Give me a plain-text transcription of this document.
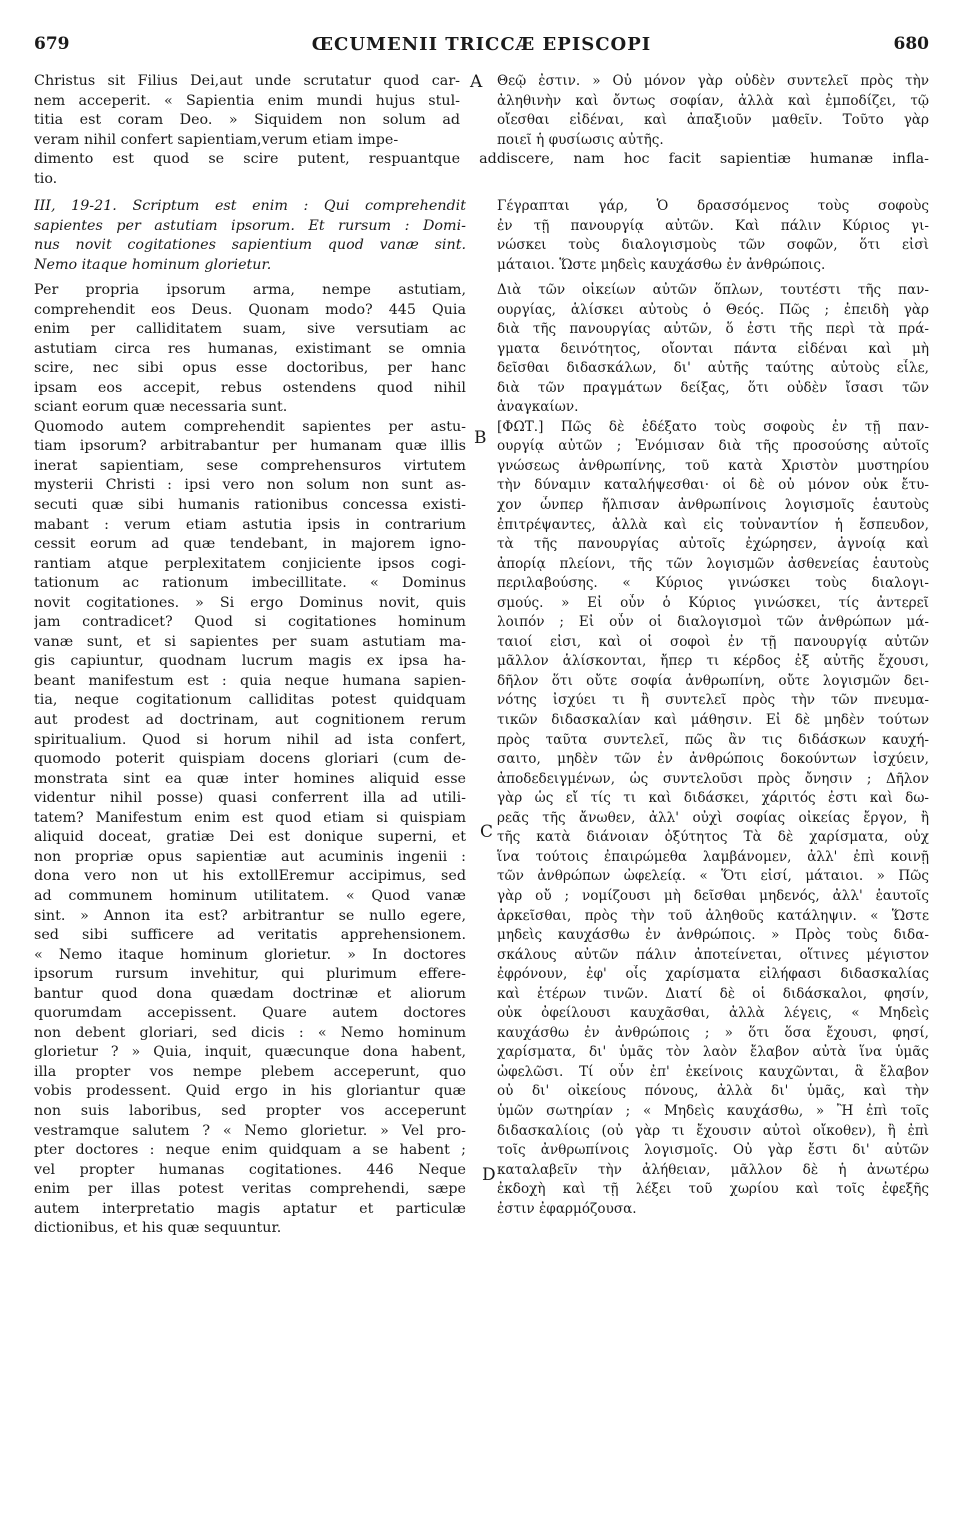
679	ŒCUMENII TRICCÆ EPISCOPI	680
A
B
C
D
Christus sit Filius Dei,aut unde scrutatur quod car-
nem acceperit. « Sapientia enim mundi hujus stul-
titia est coram Deo. » Siquidem non solum ad
veram nihil confert sapientiam,verum etiam impe-
Θεῷ ἐστιν. » Οὐ μόνον γὰρ οὐδὲν συντελεῖ πρὸς τὴν
ἀληθινὴν καὶ ὄντως σοφίαν, ἀλλὰ καὶ ἐμποδίζει, τῷ
οἴεσθαι εἰδέναι, καὶ ἀπαξιοῦν μαθεῖν. Τοῦτο γὰρ
ποιεῖ ἡ φυσίωσις αὐτῆς.
dimento est quod se scire putent, respuantque addiscere, nam hoc facit sapientiæ humanæ infla-
tio.
III, 19-21. Scriptum est enim : Qui comprehendit
sapientes per astutiam ipsorum. Et rursum : Domi-
nus novit cogitationes sapientium quod vanæ sint.
Nemo itaque hominum glorietur.
Per propria ipsorum arma, nempe astutiam,
comprehendit eos Deus. Quonam modo? 445 Quia
enim per calliditatem suam, sive versutiam ac
astutiam circa res humanas, existimant se omnia
scire, nec sibi opus esse doctoribus, per hanc
ipsam eos accepit, rebus ostendens quod nihil
sciant eorum quæ necessaria sunt.
Quomodo autem comprehendit sapientes per astu-
tiam ipsorum? arbitrabantur per humanam quæ illis
inerat sapientiam, sese comprehensuros virtutem
mysterii Christi : ipsi vero non solum non sunt as-
secuti quæ sibi humanis rationibus concessa existi-
mabant : verum etiam astutia ipsis in contrarium
cessit eorum ad quæ tendebant, in majorem igno-
rantiam atque perplexitatem conjiciente ipsos cogi-
tationum ac rationum imbecillitate. « Dominus
novit cogitationes. » Si ergo Dominus novit, quis
jam contradicet? Quod si cogitationes hominum
vanæ sunt, et si sapientes per suam astutiam ma-
gis capiuntur, quodnam lucrum magis ex ipsa ha-
beant manifestum est : quia neque humana sapien-
tia, neque cogitationum calliditas potest quidquam
aut prodest ad doctrinam, aut cognitionem rerum
spiritualium. Quod si horum nihil ad ista confert,
quomodo poterit quispiam docens gloriari (cum de-
monstrata sint ea quæ inter homines aliquid esse
videntur nihil posse) quasi conferrent illa ad utili-
tatem? Manifestum enim est quod etiam si quispiam
aliquid doceat, gratiæ Dei est donique superni, et
non propriæ opus sapientiæ aut acuminis ingenii :
dona vero non ut his extollEremur accipimus, sed
ad communem hominum utilitatem. « Quod vanæ
sint. » Annon ita est? arbitrantur se nullo egere,
sed sibi sufficere ad veritatis apprehensionem.
« Nemo itaque hominum glorietur. » In doctores
ipsorum rursum invehitur, qui plurimum efferе-
bantur quod dona quædam doctrinæ et aliorum
quorumdam accepissent. Quare autem doctores
non debent gloriari, sed dicis : « Nemo hominum
glorietur ? » Quia, inquit, quæcunque dona habent,
illa propter vos nempe plebem acceperunt, quo
vobis prodessent. Quid ergo in his gloriantur quæ
non suis laboribus, sed propter vos acceperunt
vestramque salutem ? « Nemo glorietur. » Vel pro-
pter doctores : neque enim quidquam a se habent ;
vel propter humanas cogitationes. 446 Neque
enim per illas potest veritas comprehendi, sæpe
autem interpretatio magis aptatur et particulæ
dictionibus, et his quæ sequuntur.
Γέγραπται γάρ, Ὁ δρασσόμενος τοὺς σοφοὺς
ἐν τῇ πανουργίᾳ αὐτῶν. Καὶ πάλιν Κύριος γι-
νώσκει τοὺς διαλογισμοὺς τῶν σοφῶν, ὅτι εἰσὶ
μάταιοι. Ὥστε μηδεὶς καυχάσθω ἐν ἀνθρώποις.
Διὰ τῶν οἰκείων αὐτῶν ὅπλων, τουτέστι τῆς παν-
ουργίας, ἁλίσκει αὐτοὺς ὁ Θεός. Πῶς ; ἐπειδὴ γὰρ
διὰ τῆς πανουργίας αὐτῶν, ὅ ἐστι τῆς περὶ τὰ πρά-
γματα δεινότητος, οἴονται πάντα εἰδέναι καὶ μὴ
δεῖσθαι διδασκάλων, δι' αὐτῆς ταύτης αὐτοὺς εἷλε,
διὰ τῶν πραγμάτων δείξας, ὅτι οὐδὲν ἴσασι τῶν
ἀναγκαίων.
[ΦΩΤ.] Πῶς δὲ ἐδέξατο τοὺς σοφοὺς ἐν τῇ παν-
ουργίᾳ αὐτῶν ; Ἐνόμισαν διὰ τῆς προσούσης αὐτοῖς
γνώσεως ἀνθρωπίνης, τοῦ κατὰ Χριστὸν μυστηρίου
τὴν δύναμιν καταλήψεσθαι· οἱ δὲ οὐ μόνον οὐκ ἔτυ-
χον ὧνπερ ἤλπισαν ἀνθρωπίνοις λογισμοῖς ἑαυτοὺς
ἐπιτρέψαντες, ἀλλὰ καὶ εἰς τοὐναντίον ἡ ἔσπευδον,
τὰ τῆς πανουργίας αὐτοῖς ἐχώρησεν, ἀγνοίᾳ καὶ
ἀπορίᾳ πλείονι, τῆς τῶν λογισμῶν ἀσθενείας ἑαυτοὺς
περιλαβούσης. « Κύριος γινώσκει τοὺς διαλογι-
σμούς. » Εἰ οὖν ὁ Κύριος γινώσκει, τίς ἀντερεῖ
λοιπόν ; Εἰ οὖν οἱ διαλογισμοὶ τῶν ἀνθρώπων μά-
ταιοί εἰσι, καὶ οἱ σοφοὶ ἐν τῇ πανουργίᾳ αὐτῶν
μᾶλλον ἁλίσκονται, ἤπερ τι κέρδος ἐξ αὐτῆς ἔχουσι,
δῆλον ὅτι οὔτε σοφία ἀνθρωπίνη, οὔτε λογισμῶν δει-
νότης ἰσχύει τι ἢ συντελεῖ πρὸς τὴν τῶν πνευμα-
τικῶν διδασκαλίαν καὶ μάθησιν. Εἰ δὲ μηδὲν τούτων
πρὸς ταῦτα συντελεῖ, πῶς ἂν τις διδάσκων καυχή-
σαιτο, μηδὲν τῶν ἐν ἀνθρώποις δοκούντων ἰσχύειν,
ἀποδεδειγμένων, ὡς συντελοῦσι πρὸς ὄνησιν ; Δῆλον
γὰρ ὡς εἴ τίς τι καὶ διδάσκει, χάριτός ἐστι καὶ δω-
ρεᾶς τῆς ἄνωθεν, ἀλλ' οὐχὶ σοφίας οἰκείας ἔργον, ἢ
τῆς κατὰ διάνοιαν ὀξύτητος Τὰ δὲ χαρίσματα, οὐχ
ἵνα τούτοις ἐπαιρώμεθα λαμβάνομεν, ἀλλ' ἐπὶ κοινῇ
τῶν ἀνθρώπων ὠφελείᾳ. « Ὅτι εἰσί, μάταιοι. » Πῶς
γὰρ οὔ ; νομίζουσι μὴ δεῖσθαι μηδενός, ἀλλ' ἑαυτοῖς
ἀρκεῖσθαι, πρὸς τὴν τοῦ ἀληθοῦς κατάληψιν. « Ὥστε
μηδεὶς καυχάσθω ἐν ἀνθρώποις. » Πρὸς τοὺς διδα-
σκάλους αὐτῶν πάλιν ἀποτείνεται, οἵτινες μέγιστον
ἐφρόνουν, ἐφ' οἷς χαρίσματα εἰλήφασι διδασκαλίας
καὶ ἑτέρων τινῶν. Διατί δὲ οἱ διδάσκαλοι, φησίν,
οὐκ ὀφείλουσι καυχᾶσθαι, ἀλλὰ λέγεις, « Μηδεὶς
καυχάσθω ἐν ἀνθρώποις ; » ὅτι ὅσα ἔχουσι, φησί,
χαρίσματα, δι' ὑμᾶς τὸν λαὸν ἔλαβον αὐτὰ ἵνα ὑμᾶς
ὠφελῶσι. Τί οὖν ἐπ' ἐκείνοις καυχῶνται, ἃ ἔλαβον
οὐ δι' οἰκείους πόνους, ἀλλὰ δι' ὑμᾶς, καὶ τὴν
ὑμῶν σωτηρίαν ; « Μηδεὶς καυχάσθω, » Ἢ ἐπὶ τοῖς
διδασκαλίοις (οὐ γὰρ τι ἔχουσιν αὐτοὶ οἴκοθεν), ἢ ἐπὶ
τοῖς ἀνθρωπίνοις λογισμοῖς. Οὐ γὰρ ἔστι δι' αὐτῶν
καταλαβεῖν τὴν ἀλήθειαν, μᾶλλον δὲ ἡ ἀνωτέρω
ἐκδοχὴ καὶ τῇ λέξει τοῦ χωρίου καὶ τοῖς ἐφεξῆς
ἐστιν ἐφαρμόζουσα.
